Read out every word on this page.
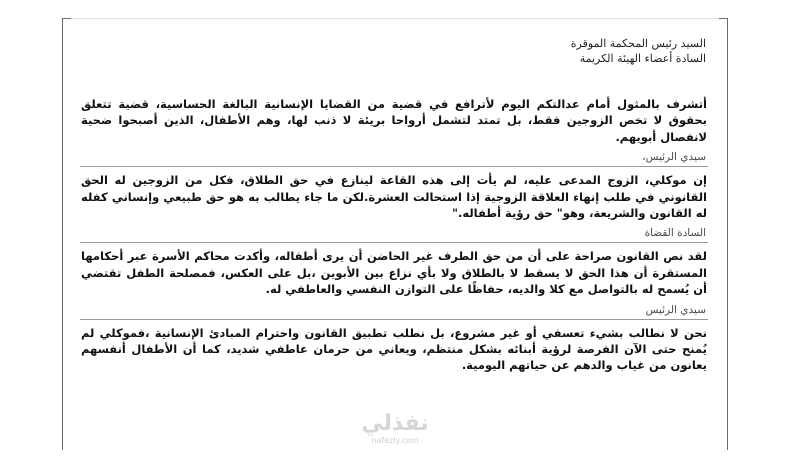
السيد رئيس المحكمة الموقرة
السادة أعضاء الهيئة الكريمة

أتشرف بالمثول أمام عدالتكم اليوم لأترافع في قضية من القضايا الإنسانية البالغة الحساسية، قضية تتعلق بحقوق لا تخص الزوجين فقط، بل تمتد لتشمل أرواحا بريئة لا ذنب لها، وهم الأطفال، الذين أصبحوا ضحية لانفصال أبويهم.

سيدي الرئيس،

إن موكلي، الزوج المدعى عليه، لم يأت إلى هذه القاعة لينازع في حق الطلاق، فكل من الزوجين له الحق القانوني في طلب إنهاء العلاقة الزوجية إذا استحالت العشرة.لكن ما جاء يطالب به هو حق طبيعي وإنساني كفله له القانون والشريعة، وهو" حق رؤية أطفاله."

السادة القضاة

لقد نص القانون صراحة على أن من حق الطرف غير الحاضن أن يرى أطفاله، وأكدت محاكم الأسرة عبر أحكامها المستقرة أن هذا الحق لا يسقط لا بالطلاق ولا بأي نزاع بين الأبوين ،بل على العكس، فمصلحة الطفل تقتضي أن يُسمح له بالتواصل مع كلا والديه، حفاظًا على التوازن النفسي والعاطفي له.

سيدي الرئيس

نحن لا نطالب بشيء تعسفي أو غير مشروع، بل نطلب تطبيق القانون واحترام المبادئ الإنسانية ،فموكلي لم يُمنح حتى الآن الفرصة لرؤية أبنائه بشكل منتظم، ويعاني من حرمان عاطفي شديد، كما أن الأطفال أنفسهم يعانون من غياب والدهم عن حياتهم اليومية.

نفذلي
nafezly.com
